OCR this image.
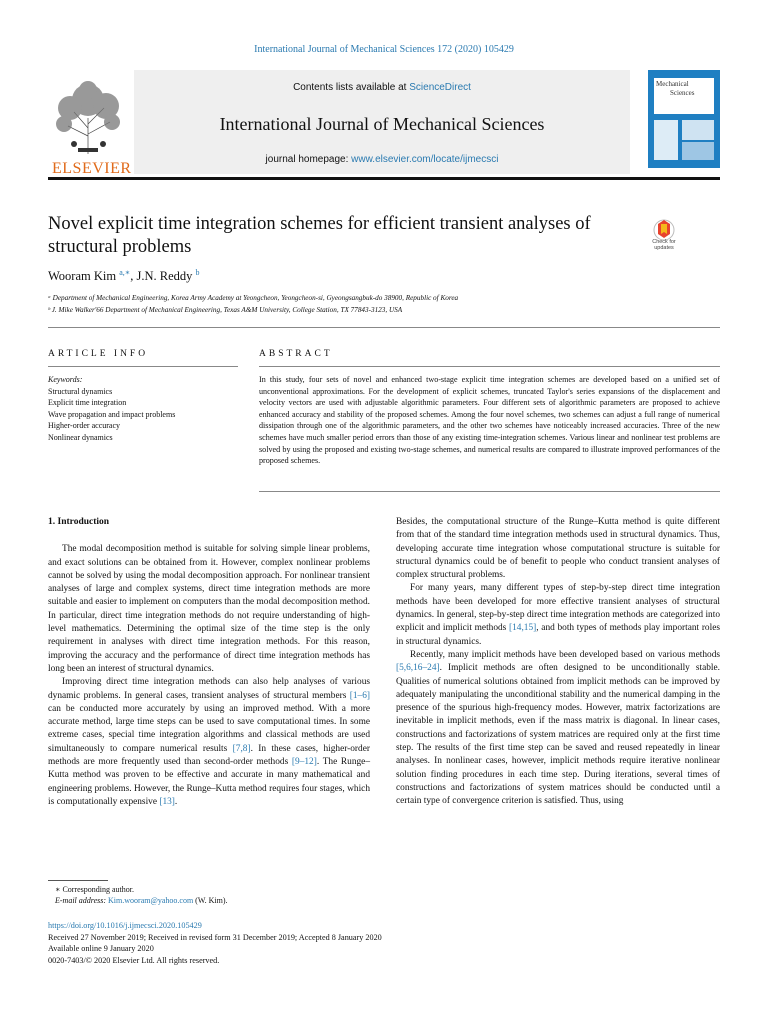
International Journal of Mechanical Sciences 172 (2020) 105429
ELSEVIER
Contents lists available at ScienceDirect
International Journal of Mechanical Sciences
journal homepage: www.elsevier.com/locate/ijmecsci
Mechanical
Sciences
Novel explicit time integration schemes for efficient transient analyses of structural problems	Check for
updates
Wooram Kim $^{a,∗}$, J.N. Reddy $^b$
ᵃ Department of Mechanical Engineering, Korea Army Academy at Yeongcheon, Yeongcheon-si, Gyeongsangbuk-do 38900, Republic of Korea
ᵇ J. Mike Walker'66 Department of Mechanical Engineering, Texas A&M University, College Station, TX 77843-3123, USA
ARTICLE INFO	ABSTRACT
Keywords:
Structural dynamics
Explicit time integration
Wave propagation and impact problems
Higher-order accuracy
Nonlinear dynamics
In this study, four sets of novel and enhanced two-stage explicit time integration schemes are developed based on a unified set of unconventional approximations. For the development of explicit schemes, truncated Taylor's series expansions of the displacement and velocity vectors are used with adjustable algorithmic parameters. Four different sets of algorithmic parameters are proposed to achieve enhanced accuracy and stability of the proposed schemes. Among the four novel schemes, two schemes can adjust a full range of numerical dissipation through one of the algorithmic parameters, and the other two schemes have noticeably increased accuracies. Three of the new schemes have much smaller period errors than those of any existing time-integration schemes. Various linear and nonlinear test problems are solved by using the proposed and existing two-stage schemes, and numerical results are compared to illustrate improved performances of the proposed schemes.
1. Introduction

The modal decomposition method is suitable for solving simple linear problems, and exact solutions can be obtained from it. However, complex nonlinear problems cannot be solved by using the modal decomposition approach. For nonlinear transient analyses of large and complex systems, direct time integration methods are more suitable and easier to implement on computers than the modal decomposition method. In particular, direct time integration methods do not require understanding of high-level mathematics. Determining the optimal size of the time step is the only requirement in analyses with direct time integration methods. For this reason, improving the accuracy and the performance of direct time integration methods has long been an interest of structural dynamics.

Improving direct time integration methods can also help analyses of various dynamic problems. In general cases, transient analyses of structural members [1–6] can be conducted more accurately by using an improved method. With a more accurate method, large time steps can be used to save computational times. In some extreme cases, special time integration algorithms and classical methods are used simultaneously to compare numerical results [7,8]. In these cases, higher-order methods are more frequently used than second-order methods [9–12]. The Runge–Kutta method was proven to be effective and accurate in many mathematical and engineering problems. However, the Runge–Kutta method requires four stages, which is computationally expensive [13].

Besides, the computational structure of the Runge–Kutta method is quite different from that of the standard time integration methods used in structural dynamics. Thus, developing accurate time integration whose computational structure is suitable for structural dynamics could be of benefit to people who conduct transient analyses of complex structural problems.

For many years, many different types of step-by-step direct time integration methods have been developed for more effective transient analyses of structural dynamics. In general, step-by-step direct time integration methods are categorized into explicit and implicit methods [14,15], and both types of methods play important roles in structural dynamics.

Recently, many implicit methods have been developed based on various methods [5,6,16–24]. Implicit methods are often designed to be unconditionally stable. Qualities of numerical solutions obtained from implicit methods can be improved by adequately manipulating the unconditional stability and the numerical damping in the presence of the spurious high-frequency modes. However, matrix factorizations are inevitable in implicit methods, even if the mass matrix is diagonal. In linear cases, constructions and factorizations of system matrices are required only at the first time step. The results of the first time step can be saved and reused repeatedly in linear analyses. In nonlinear cases, however, implicit methods require iterative nonlinear solution finding procedures in each time step. During iterations, several times of constructions and factorizations of system matrices should be conducted until a certain type of convergence criterion is satisfied. Thus, using

∗ Corresponding author.
E-mail address: Kim.wooram@yahoo.com (W. Kim).
https://doi.org/10.1016/j.ijmecsci.2020.105429
Received 27 November 2019; Received in revised form 31 December 2019; Accepted 8 January 2020
Available online 9 January 2020
0020-7403/© 2020 Elsevier Ltd. All rights reserved.
